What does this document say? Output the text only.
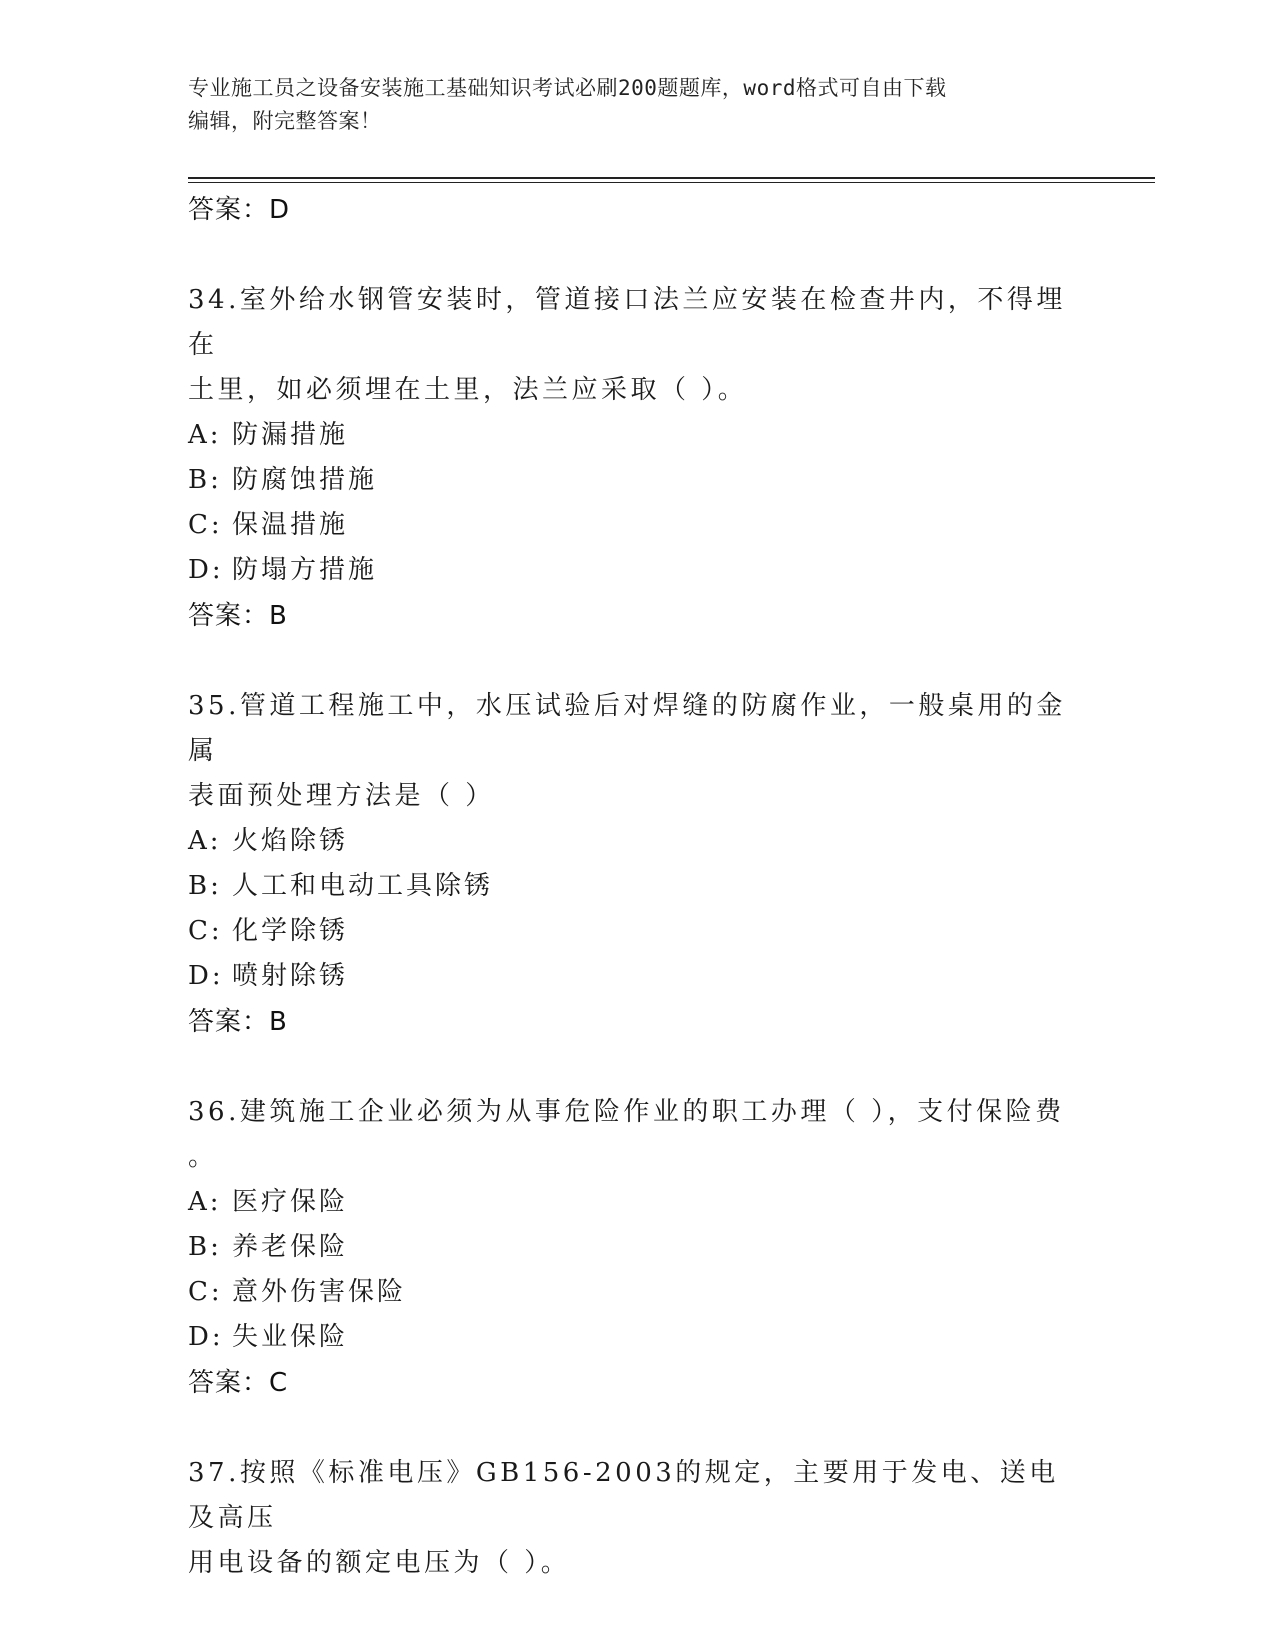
专业施工员之设备安装施工基础知识考试必刷200题题库，word格式可自由下载
编辑，附完整答案！
答案：D
34.室外给水钢管安装时，管道接口法兰应安装在检查井内，不得埋在
土里，如必须埋在土里，法兰应采取（ ）。
A: 防漏措施
B: 防腐蚀措施
C: 保温措施
D: 防塌方措施
答案：B
35.管道工程施工中，水压试验后对焊缝的防腐作业，一般桌用的金属
表面预处理方法是（ ）
A: 火焰除锈
B: 人工和电动工具除锈
C: 化学除锈
D: 喷射除锈
答案：B
36.建筑施工企业必须为从事危险作业的职工办理（ ），支付保险费
。
A: 医疗保险
B: 养老保险
C: 意外伤害保险
D: 失业保险
答案：C
37.按照《标准电压》GB156-2003的规定，主要用于发电、送电及高压
用电设备的额定电压为（ ）。
